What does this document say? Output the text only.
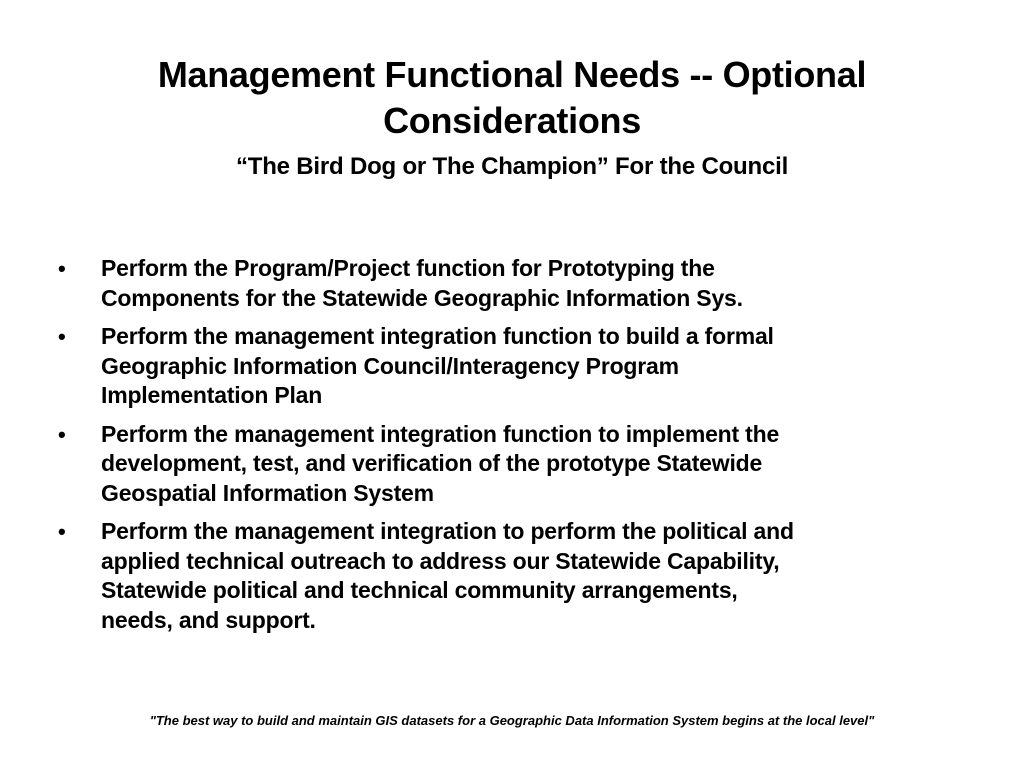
Management Functional Needs -- Optional
Considerations
“The Bird Dog or The Champion” For the Council
• Perform the Program/Project function for Prototyping the
Components for the Statewide Geographic Information Sys.
• Perform the management integration function to build a formal
Geographic Information Council/Interagency Program
Implementation Plan
• Perform the management integration function to implement the
development, test, and verification of the prototype Statewide
Geospatial Information System
• Perform the management integration to perform the political and
applied technical outreach to address our Statewide Capability,
Statewide political and technical community arrangements,
needs, and support.
"The best way to build and maintain GIS datasets for a Geographic Data Information System begins at the local level"
